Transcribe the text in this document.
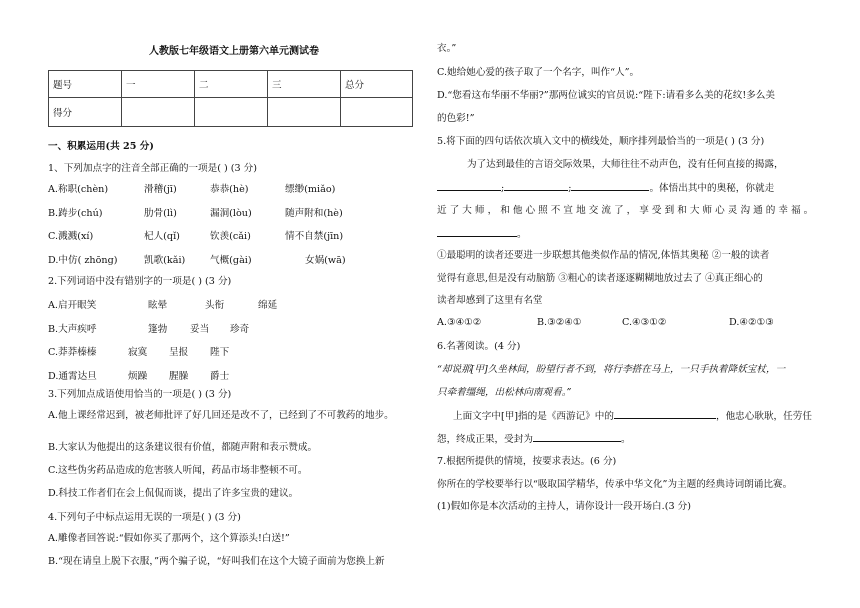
人教版七年级语文上册第六单元测试卷
题号	一	二	三	总分
得分				
一、积累运用(共 25 分)
1、下列加点字的注音全部正确的一项是( ) (3 分)
A.称职(chèn)	滑稽(jī)	恭恭(hè)	缥缈(miǎo)
B.踌步(chú)	肋骨(lì)	漏洞(lòu)	随声附和(hè)
C.溅溅(xí)	杞人(qǐ)	钦羡(cǎi)	情不自禁(jīn)
D.中仿( zhōng)	凯歌(kǎi)	气概(gài)	女娲(wā)
2.下列词语中没有错别字的一项是( ) (3 分)
A.启开眼笑	眩晕	头衔	绵延
B.大声疾呼	篷勃 妥当 珍奇
C.莽莽榛榛	寂寞 呈报 陛下
D.通霄达旦	烦躁 腥臊 爵士
3.下列加点成语使用恰当的一项是( ) (3 分)
A.他上课经常迟到，被老师批评了好几回还是改不了，已经到了不可教药的地步。
B.大家认为他提出的这条建议很有价值，都随声附和表示赞成。
C.这些伪劣药品造成的危害骇人听闻，药品市场非整顿不可。
D.科技工作者们在会上侃侃而谈，提出了许多宝贵的建议。
4.下列句子中标点运用无误的一项是( ) (3 分)
A.雕像者回答说:“假如你买了那两个，这个算添头!白送!”
B.“现在请皇上脱下衣服，”两个骗子说，“好叫我们在这个大镜子面前为您换上新
衣。”
C.她给她心爱的孩子取了一个名字，叫作“人”。
D.“您看这布华丽不华丽?”那两位诚实的官员说:“陛下:请看多么美的花纹!多么美
的色彩!”
5.将下面的四句话依次填入文中的横线处，顺序排列最恰当的一项是( ) (3 分)
为了达到最佳的言语交际效果，大师往往不动声色，没有任何直接的揭露，
;	;	。体悟出其中的奥秘，你就走
近 了 大 师 ， 和 他 心 照 不 宣 地 交 流 了 ， 享 受 到 和 大 师 心 灵 沟 通 的 幸 福 。
。
①最聪明的读者还要进一步联想其他类似作品的情况,体悟其奥秘 ②一般的读者
觉得有意思,但是没有动脑筋 ③粗心的读者逐逐糊糊地放过去了 ④真正细心的
读者却感到了这里有名堂
A.③④①②	B.③②④①	C.④③①②	D.④②①③
6.名著阅读。(4 分)
“却说那[甲]久坐林间，盼望行者不到，将行李搭在马上，一只手执着降妖宝杖，一
只牵着缰绳，出松林向南观看。”
上面文字中[甲]指的是《西游记》中的	，他忠心耿耿，任劳任
怨，终成正果，受封为	。
7.根据所提供的情境，按要求表达。(6 分)
你所在的学校要举行以“吸取国学精华，传承中华文化”为主题的经典诗词朗诵比赛。
(1)假如你是本次活动的主持人，请你设计一段开场白.(3 分)
